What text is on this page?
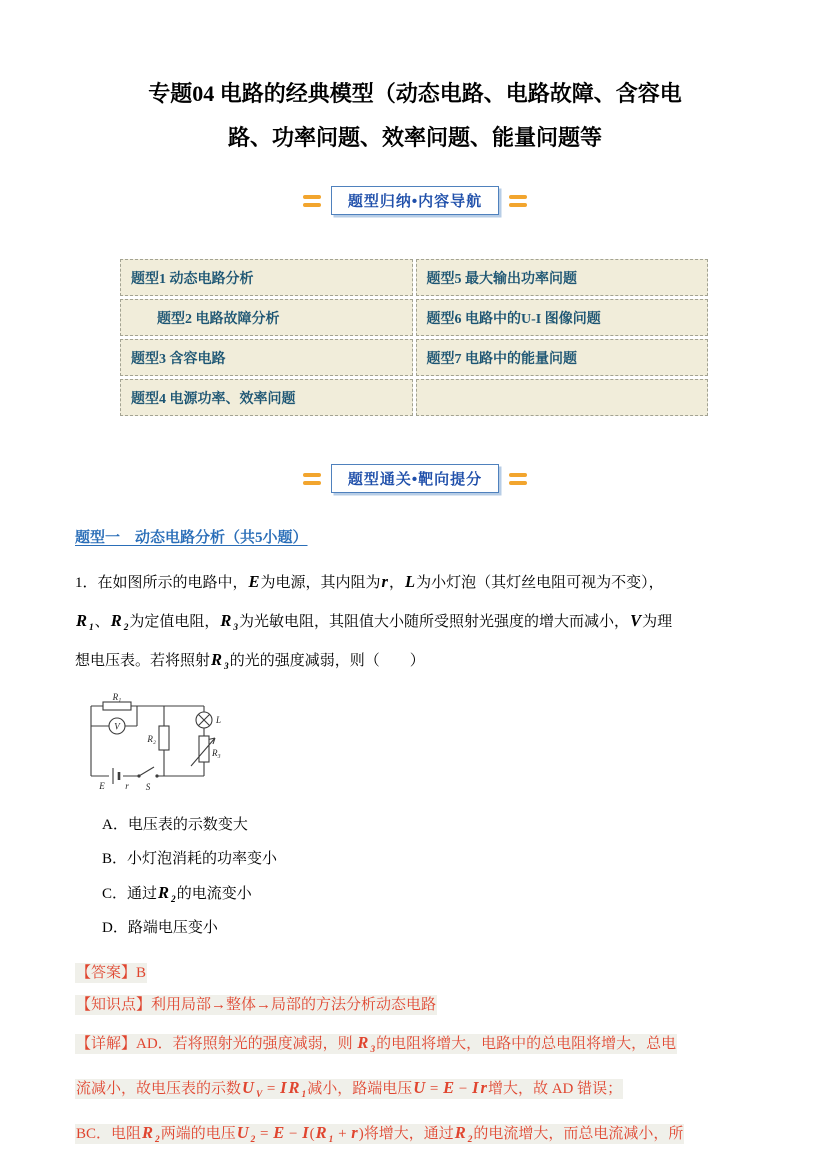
专题04 电路的经典模型（动态电路、电路故障、含容电
路、功率问题、效率问题、能量问题等
题型归纳•内容导航
题型1 动态电路分析	题型5 最大输出功率问题
题型2 电路故障分析	题型6 电路中的U-I 图像问题
题型3 含容电路	题型7 电路中的能量问题
题型4 电源功率、效率问题
题型通关•靶向提分
题型一　动态电路分析（共5小题）
1．在如图所示的电路中，E为电源，其内阻为r，L为小灯泡（其灯丝电阻可视为不变），
R $_1$、R $_2$为定值电阻，R $_3$为光敏电阻，其阻值大小随所受照射光强度的增大而减小，V为理
想电压表。若将照射R $_3$的光的强度减弱，则（　　）
R₁
V
R₂
L
R₃
E r S
A．电压表的示数变大
B．小灯泡消耗的功率变小
C．通过R $_2$的电流变小
D．路端电压变小
【答案】B
【知识点】利用局部→整体→局部的方法分析动态电路
【详解】AD．若将照射光的强度减弱，则 R $_3$的电阻将增大，电路中的总电阻将增大，总电
流减小，故电压表的示数U $_V$ = I R $_1$减小，路端电压U = E − I r增大，故 AD 错误；
BC．电阻R $_2$两端的电压U $_2$ = E − I(R $_1$ + r)将增大，通过R $_2$的电流增大，而总电流减小，所
